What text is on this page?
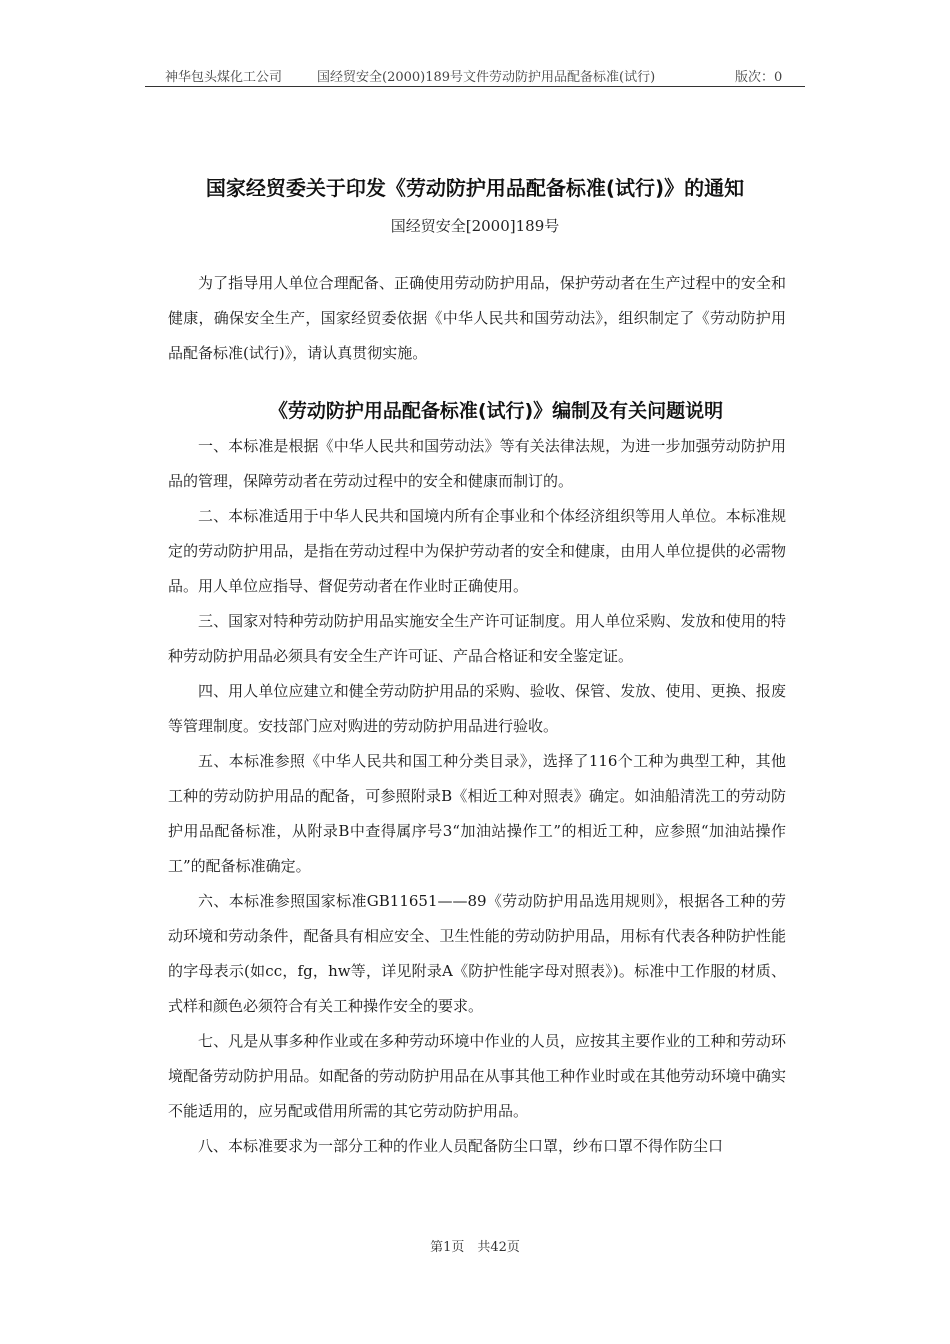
神华包头煤化工公司	国经贸安全(2000)189号文件劳动防护用品配备标准(试行)	版次：0
国家经贸委关于印发《劳动防护用品配备标准(试行)》的通知
国经贸安全[2000]189号

为了指导用人单位合理配备、正确使用劳动防护用品，保护劳动者在生产过程中的安全和健康，确保安全生产，国家经贸委依据《中华人民共和国劳动法》，组织制定了《劳动防护用品配备标准(试行)》，请认真贯彻实施。

《劳动防护用品配备标准(试行)》编制及有关问题说明

一、本标准是根据《中华人民共和国劳动法》等有关法律法规，为进一步加强劳动防护用品的管理，保障劳动者在劳动过程中的安全和健康而制订的。

二、本标准适用于中华人民共和国境内所有企事业和个体经济组织等用人单位。本标准规定的劳动防护用品，是指在劳动过程中为保护劳动者的安全和健康，由用人单位提供的必需物品。用人单位应指导、督促劳动者在作业时正确使用。

三、国家对特种劳动防护用品实施安全生产许可证制度。用人单位采购、发放和使用的特种劳动防护用品必须具有安全生产许可证、产品合格证和安全鉴定证。

四、用人单位应建立和健全劳动防护用品的采购、验收、保管、发放、使用、更换、报废等管理制度。安技部门应对购进的劳动防护用品进行验收。

五、本标准参照《中华人民共和国工种分类目录》，选择了116个工种为典型工种，其他工种的劳动防护用品的配备，可参照附录B《相近工种对照表》确定。如油船清洗工的劳动防护用品配备标准，从附录B中查得属序号3“加油站操作工”的相近工种，应参照“加油站操作工”的配备标准确定。

六、本标准参照国家标准GB11651——89《劳动防护用品选用规则》，根据各工种的劳动环境和劳动条件，配备具有相应安全、卫生性能的劳动防护用品，用标有代表各种防护性能的字母表示(如cc，fg，hw等，详见附录A《防护性能字母对照表》)。标准中工作服的材质、式样和颜色必须符合有关工种操作安全的要求。

七、凡是从事多种作业或在多种劳动环境中作业的人员，应按其主要作业的工种和劳动环境配备劳动防护用品。如配备的劳动防护用品在从事其他工种作业时或在其他劳动环境中确实不能适用的，应另配或借用所需的其它劳动防护用品。

八、本标准要求为一部分工种的作业人员配备防尘口罩，纱布口罩不得作防尘口

第1页　共42页
